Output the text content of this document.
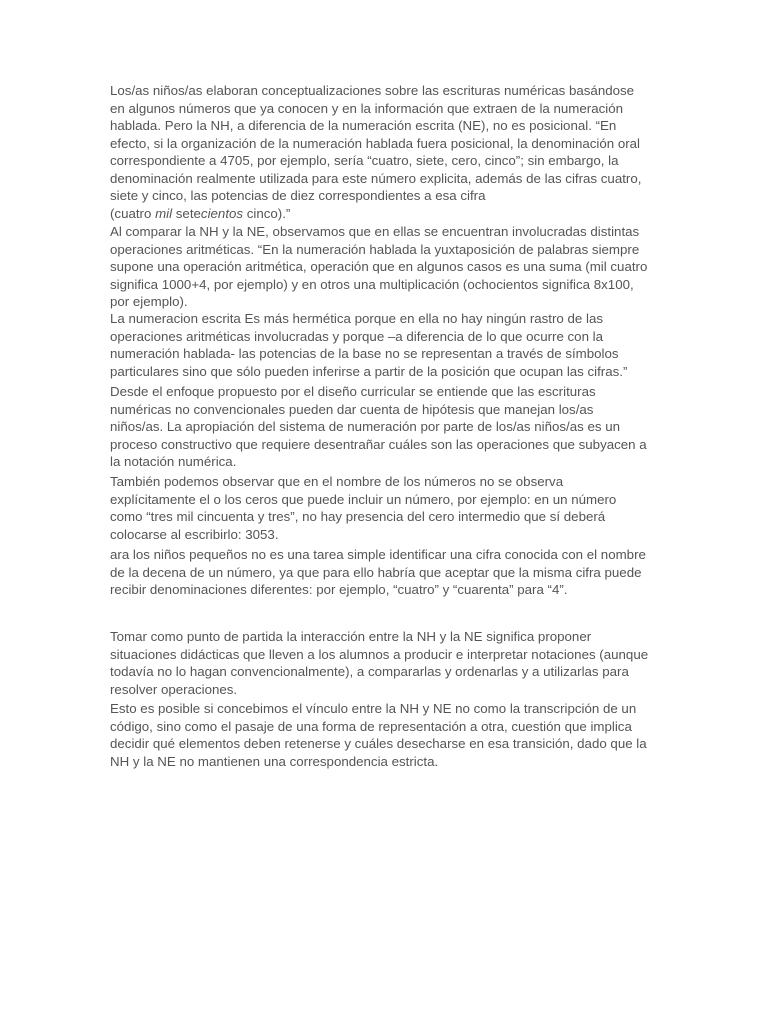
Los/as niños/as elaboran conceptualizaciones sobre las escrituras numéricas basándose
en algunos números que ya conocen y en la información que extraen de la numeración
hablada. Pero la NH, a diferencia de la numeración escrita (NE), no es posicional. “En
efecto, si la organización de la numeración hablada fuera posicional, la denominación oral
correspondiente a 4705, por ejemplo, sería “cuatro, siete, cero, cinco”; sin embargo, la
denominación realmente utilizada para este número explicita, además de las cifras cuatro,
siete y cinco, las potencias de diez correspondientes a esa cifra
(cuatro mil setecientos cinco).”

Al comparar la NH y la NE, observamos que en ellas se encuentran involucradas distintas
operaciones aritméticas. “En la numeración hablada la yuxtaposición de palabras siempre
supone una operación aritmética, operación que en algunos casos es una suma (mil cuatro
significa 1000+4, por ejemplo) y en otros una multiplicación (ochocientos significa 8x100,
por ejemplo).

La numeracion escrita Es más hermética porque en ella no hay ningún rastro de las
operaciones aritméticas involucradas y porque –a diferencia de lo que ocurre con la
numeración hablada- las potencias de la base no se representan a través de símbolos
particulares sino que sólo pueden inferirse a partir de la posición que ocupan las cifras.”

Desde el enfoque propuesto por el diseño curricular se entiende que las escrituras
numéricas no convencionales pueden dar cuenta de hipótesis que manejan los/as
niños/as. La apropiación del sistema de numeración por parte de los/as niños/as es un
proceso constructivo que requiere desentrañar cuáles son las operaciones que subyacen a
la notación numérica.

También podemos observar que en el nombre de los números no se observa
explícitamente el o los ceros que puede incluir un número, por ejemplo: en un número
como “tres mil cincuenta y tres”, no hay presencia del cero intermedio que sí deberá
colocarse al escribirlo: 3053.

ara los niños pequeños no es una tarea simple identificar una cifra conocida con el nombre
de la decena de un número, ya que para ello habría que aceptar que la misma cifra puede
recibir denominaciones diferentes: por ejemplo, “cuatro” y “cuarenta” para “4”.

Tomar como punto de partida la interacción entre la NH y la NE significa proponer
situaciones didácticas que lleven a los alumnos a producir e interpretar notaciones (aunque
todavía no lo hagan convencionalmente), a compararlas y ordenarlas y a utilizarlas para
resolver operaciones.

Esto es posible si concebimos el vínculo entre la NH y NE no como la transcripción de un
código, sino como el pasaje de una forma de representación a otra, cuestión que implica
decidir qué elementos deben retenerse y cuáles desecharse en esa transición, dado que la
NH y la NE no mantienen una correspondencia estricta.
